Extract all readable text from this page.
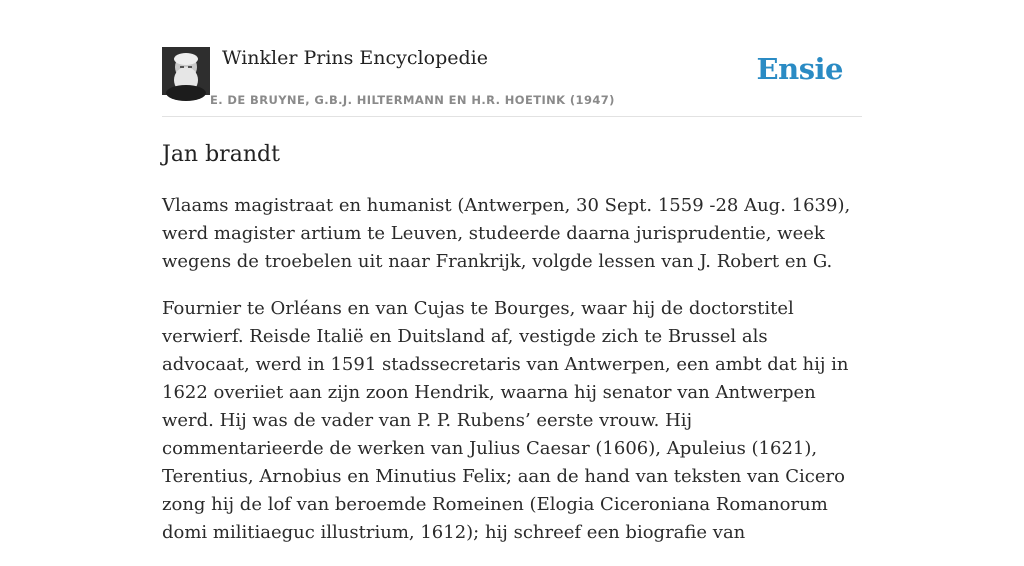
Winkler Prins Encyclopedie
E. DE BRUYNE, G.B.J. HILTERMANN EN H.R. HOETINK (1947)
Ensie
Jan brandt

Vlaams magistraat en humanist (Antwerpen, 30 Sept. 1559 -28 Aug. 1639), werd magister artium te Leuven, studeerde daarna jurisprudentie, week wegens de troebelen uit naar Frankrijk, volgde lessen van J. Robert en G.

Fournier te Orléans en van Cujas te Bourges, waar hij de doctorstitel verwierf. Reisde Italië en Duitsland af, vestigde zich te Brussel als advocaat, werd in 1591 stadssecretaris van Antwerpen, een ambt dat hij in 1622 overiiet aan zijn zoon Hendrik, waarna hij senator van Antwerpen werd. Hij was de vader van P. P. Rubens’ eerste vrouw. Hij commentarieerde de werken van Julius Caesar (1606), Apuleius (1621), Terentius, Arnobius en Minutius Felix; aan de hand van teksten van Cicero zong hij de lof van beroemde Romeinen (Elogia Ciceroniana Romanorum domi militiaeguc illustrium, 1612); hij schreef een biografie van
